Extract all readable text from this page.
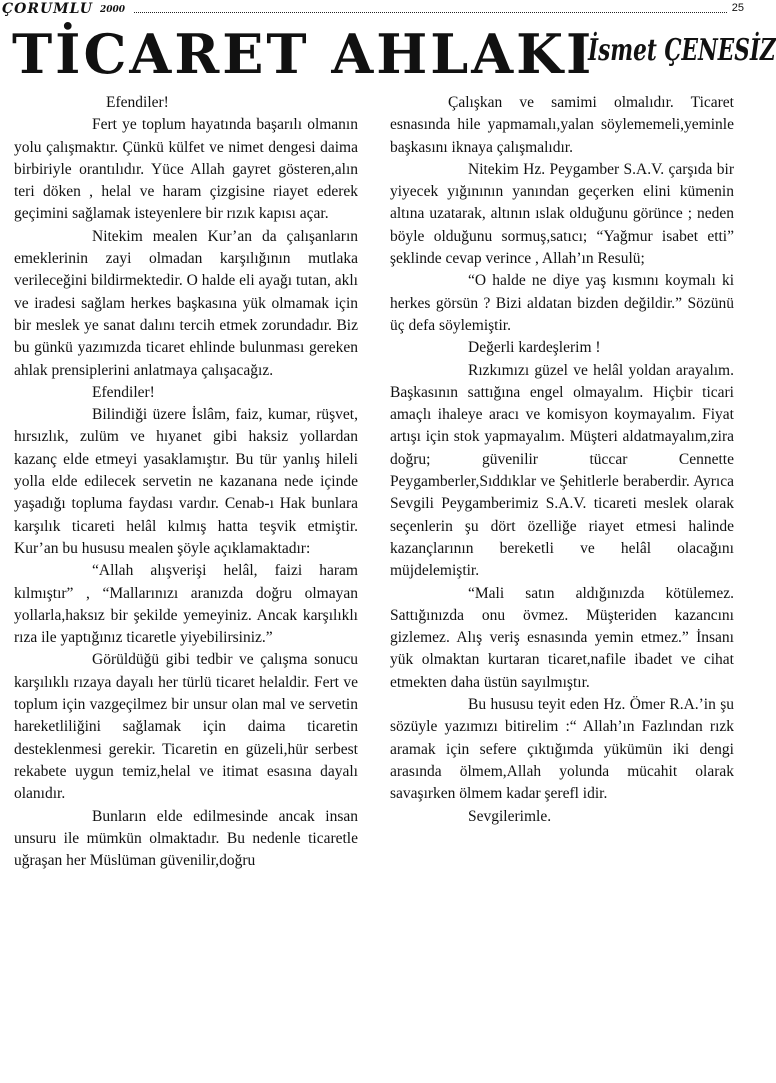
ÇORUMLU 2000	25
TİCARET AHLAKI
İsmet ÇENESİZ

Efendiler!

Fert ye toplum hayatında başarılı olmanın yolu çalışmaktır. Çünkü külfet ve nimet dengesi daima birbiriyle orantılıdır. Yüce Allah gayret gösteren,alın teri döken , helal ve haram çizgisine riayet ederek geçimini sağlamak isteyenlere bir rızık kapısı açar.

Nitekim mealen Kur’an da çalışanların emeklerinin zayi olmadan karşılığının mutlaka verileceğini bildirmektedir. O halde eli ayağı tutan, aklı ve iradesi sağlam herkes başkasına yük olmamak için bir meslek ye sanat dalını tercih etmek zorundadır. Biz bu günkü yazımızda ticaret ehlinde bulunması gereken ahlak prensiplerini anlatmaya çalışacağız.

Efendiler!

Bilindiği üzere İslâm, faiz, kumar, rüşvet, hırsızlık, zulüm ve hıyanet gibi haksiz yollardan kazanç elde etmeyi yasaklamıştır. Bu tür yanlış hileli yolla elde edilecek servetin ne kazanana nede içinde yaşadığı topluma faydası vardır. Cenab-ı Hak bunlara karşılık ticareti helâl kılmış hatta teşvik etmiştir. Kur’an bu hususu mealen şöyle açıklamaktadır:

“Allah alışverişi helâl, faizi haram kılmıştır” , “Mallarınızı aranızda doğru olmayan yollarla,haksız bir şekilde yemeyiniz. Ancak karşılıklı rıza ile yaptığınız ticaretle yiyebilirsiniz.”

Görüldüğü gibi tedbir ve çalışma sonucu karşılıklı rızaya dayalı her türlü ticaret helaldir. Fert ve toplum için vazgeçilmez bir unsur olan mal ve servetin hareketliliğini sağlamak için daima ticaretin desteklenmesi gerekir. Ticaretin en güzeli,hür serbest rekabete uygun temiz,helal ve itimat esasına dayalı olanıdır.

Bunların elde edilmesinde ancak insan unsuru ile mümkün olmaktadır. Bu nedenle ticaretle uğraşan her Müslüman güvenilir,doğru

Çalışkan ve samimi olmalıdır. Ticaret esnasında hile yapmamalı,yalan söylememeli,yeminle başkasını iknaya çalışmalıdır.

Nitekim Hz. Peygamber S.A.V. çarşıda bir yiyecek yığınının yanından geçerken elini kümenin altına uzatarak, altının ıslak olduğunu görünce ; neden böyle olduğunu sormuş,satıcı; “Yağmur isabet etti” şeklinde cevap verince , Allah’ın Resulü;

“O halde ne diye yaş kısmını koymalı ki herkes görsün ? Bizi aldatan bizden değildir.” Sözünü üç defa söylemiştir.

Değerli kardeşlerim !

Rızkımızı güzel ve helâl yoldan arayalım. Başkasının sattığına engel olmayalım. Hiçbir ticari amaçlı ihaleye aracı ve komisyon koymayalım. Fiyat artışı için stok yapmayalım. Müşteri aldatmayalım,zira doğru; güvenilir tüccar Cennette Peygamberler,Sıddıklar ve Şehitlerle beraberdir. Ayrıca Sevgili Peygamberimiz S.A.V. ticareti meslek olarak seçenlerin şu dört özelliğe riayet etmesi halinde kazançlarının bereketli ve helâl olacağını müjdelemiştir.

“Mali satın aldığınızda kötülemez. Sattığınızda onu övmez. Müşteriden kazancını gizlemez. Alış veriş esnasında yemin etmez.” İnsanı yük olmaktan kurtaran ticaret,nafile ibadet ve cihat etmekten daha üstün sayılmıştır.

Bu hususu teyit eden Hz. Ömer R.A.’in şu sözüyle yazımızı bitirelim :“ Allah’ın Fazlından rızk aramak için sefere çıktığımda yükümün iki dengi arasında ölmem,Allah yolunda mücahit olarak savaşırken ölmem kadar şerefl idir.

Sevgilerimle.
